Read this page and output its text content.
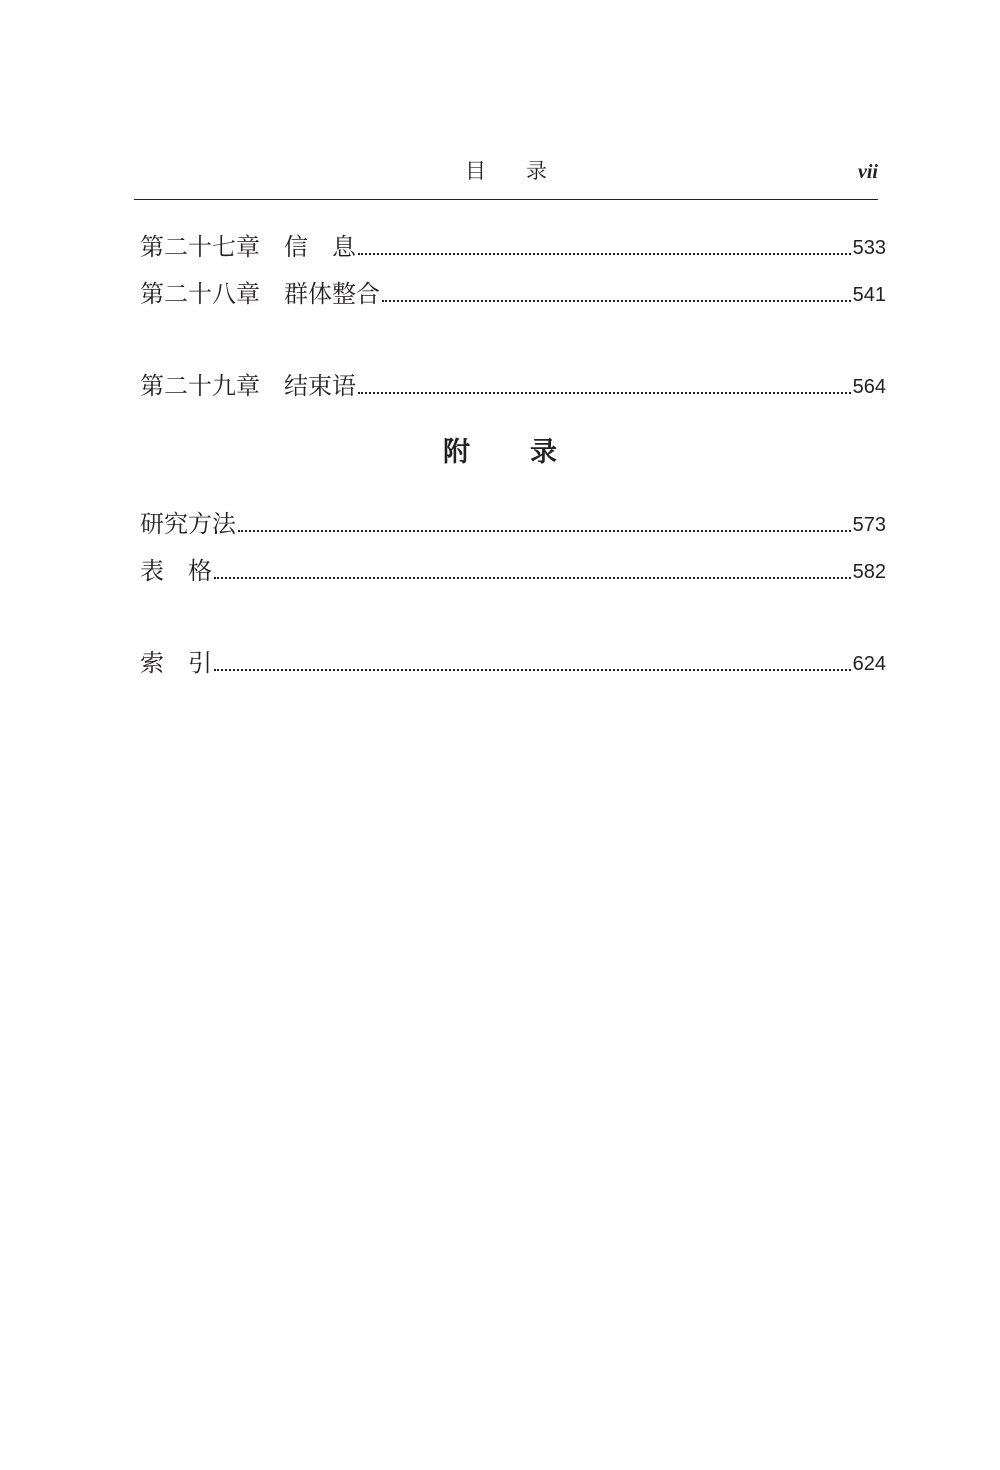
目 录	vii
第二十七章　信　息	533
第二十八章　群体整合	541
第二十九章　结束语	564
附 录
研究方法	573
表　格	582
索　引	624
